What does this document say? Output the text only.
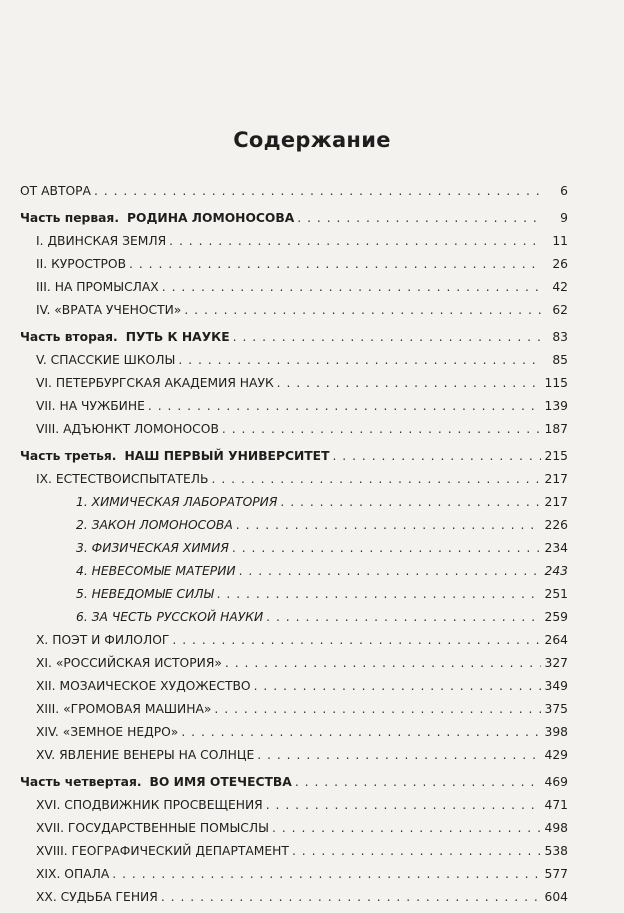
Содержание
ОТ АВТОРА . . .	6
Часть первая. РОДИНА ЛОМОНОСОВА . . .	9
I. ДВИНСКАЯ ЗЕМЛЯ . . .	11
II. КУРОСТРОВ . . .	26
III. НА ПРОМЫСЛАХ . . .	42
IV. «ВРАТА УЧЕНОСТИ» . . .	62
Часть вторая. ПУТЬ К НАУКЕ . . .	83
V. СПАССКИЕ ШКОЛЫ . . .	85
VI. ПЕТЕРБУРГСКАЯ АКАДЕМИЯ НАУК . . .	115
VII. НА ЧУЖБИНЕ . . .	139
VIII. АДЪЮНКТ ЛОМОНОСОВ . . .	187
Часть третья. НАШ ПЕРВЫЙ УНИВЕРСИТЕТ . . .	215
IX. ЕСТЕСТВОИСПЫТАТЕЛЬ . . .	217
1. ХИМИЧЕСКАЯ ЛАБОРАТОРИЯ . . .	217
2. ЗАКОН ЛОМОНОСОВА . . .	226
3. ФИЗИЧЕСКАЯ ХИМИЯ . . .	234
4. НЕВЕСОМЫЕ МАТЕРИИ . . .	243
5. НЕВЕДОМЫЕ СИЛЫ . . .	251
6. ЗА ЧЕСТЬ РУССКОЙ НАУКИ . . .	259
X. ПОЭТ И ФИЛОЛОГ . . .	264
XI. «РОССИЙСКАЯ ИСТОРИЯ» . . .	327
XII. МОЗАИЧЕСКОЕ ХУДОЖЕСТВО . . .	349
XIII. «ГРОМОВАЯ МАШИНА» . . .	375
XIV. «ЗЕМНОЕ НЕДРО» . . .	398
XV. ЯВЛЕНИЕ ВЕНЕРЫ НА СОЛНЦЕ . . .	429
Часть четвертая. ВО ИМЯ ОТЕЧЕСТВА . . .	469
XVI. СПОДВИЖНИК ПРОСВЕЩЕНИЯ . . .	471
XVII. ГОСУДАРСТВЕННЫЕ ПОМЫСЛЫ . . .	498
XVIII. ГЕОГРАФИЧЕСКИЙ ДЕПАРТАМЕНТ . . .	538
XIX. ОПАЛА . . .	577
XX. СУДЬБА ГЕНИЯ . . .	604
